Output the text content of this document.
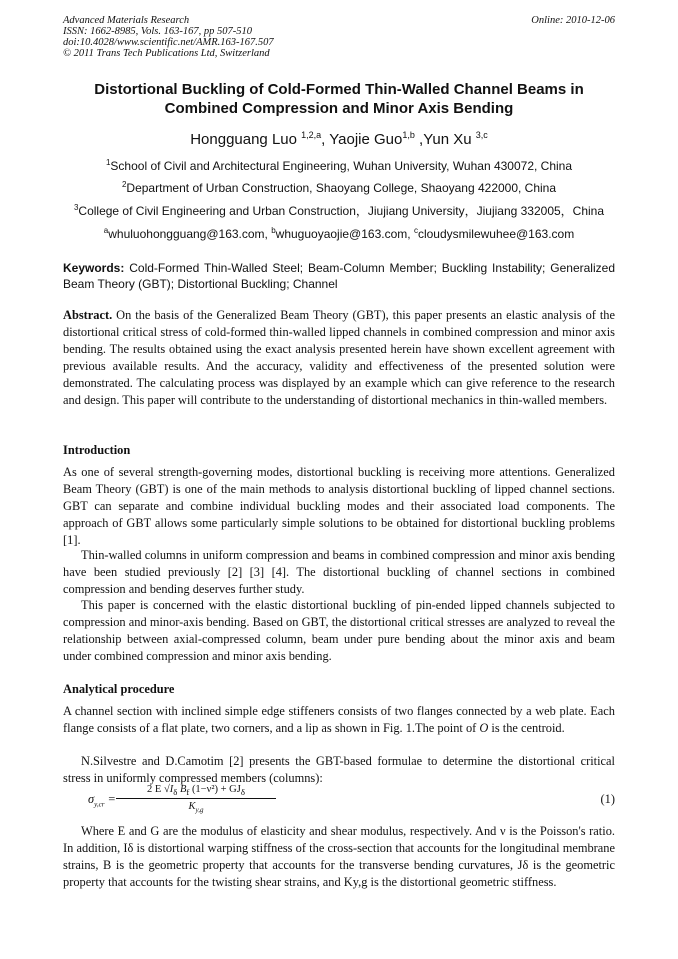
Advanced Materials Research
ISSN: 1662-8985, Vols. 163-167, pp 507-510
doi:10.4028/www.scientific.net/AMR.163-167.507
© 2011 Trans Tech Publications Ltd, Switzerland
Online: 2010-12-06
Distortional Buckling of Cold-Formed Thin-Walled Channel Beams in Combined Compression and Minor Axis Bending
Hongguang Luo $^{1,2,a}$, Yaojie Guo$^{1,b}$ ,Yun Xu $^{3,c}$
$^1$School of Civil and Architectural Engineering, Wuhan University, Wuhan 430072, China
$^2$Department of Urban Construction, Shaoyang College, Shaoyang 422000, China
$^3$College of Civil Engineering and Urban Construction，Jiujiang University，Jiujiang 332005，China
$^a$whuluohongguang@163.com, $^b$whuguoyaojie@163.com, $^c$cloudysmilewuhee@163.com
Keywords: Cold-Formed Thin-Walled Steel; Beam-Column Member; Buckling Instability; Generalized Beam Theory (GBT); Distortional Buckling; Channel
Abstract. On the basis of the Generalized Beam Theory (GBT), this paper presents an elastic analysis of the distortional critical stress of cold-formed thin-walled lipped channels in combined compression and minor axis bending. The results obtained using the exact analysis presented herein have shown excellent agreement with previous available results. And the accuracy, validity and effectiveness of the presented solution were demonstrated. The calculating process was displayed by an example which can give reference to the research and design. This paper will contribute to the understanding of distortional mechanics in thin-walled members.
Introduction
As one of several strength-governing modes, distortional buckling is receiving more attentions. Generalized Beam Theory (GBT) is one of the main methods to analysis distortional buckling of lipped channel sections. GBT can separate and combine individual buckling modes and their associated load components. The approach of GBT allows some particularly simple solutions to be obtained for distortional buckling problems [1].
Thin-walled columns in uniform compression and beams in combined compression and minor axis bending have been studied previously [2] [3] [4]. The distortional buckling of channel sections in combined compression and bending deserves further study.
This paper is concerned with the elastic distortional buckling of pin-ended lipped channels subjected to compression and minor-axis bending. Based on GBT, the distortional critical stresses are analyzed to reveal the relationship between axial-compressed column, beam under pure bending about the minor axis and beam under combined compression and minor axis bending.
Analytical procedure
A channel section with inclined simple edge stiffeners consists of two flanges connected by a web plate. Each flange consists of a flat plate, two corners, and a lip as shown in Fig. 1.The point of O is the centroid.
N.Silvestre and D.Camotim [2] presents the GBT-based formulae to determine the distortional critical stress in uniformly compressed members (columns):
$\sigma_{y,cr}$ =
2 E $√I_\delta$ $B_f$ $(1-\nu^2) + GJ_\delta$
$K_{y,g}$
(1)
Where E and G are the modulus of elasticity and shear modulus, respectively. And ν is the Poisson's ratio. In addition, Iδ is distortional warping stiffness of the cross-section that accounts for the longitudinal membrane strains, B is the geometric property that accounts for the transverse bending curvatures, Jδ is the geometric property that accounts for the twisting shear strains, and Ky,g is the distortional geometric stiffness.
